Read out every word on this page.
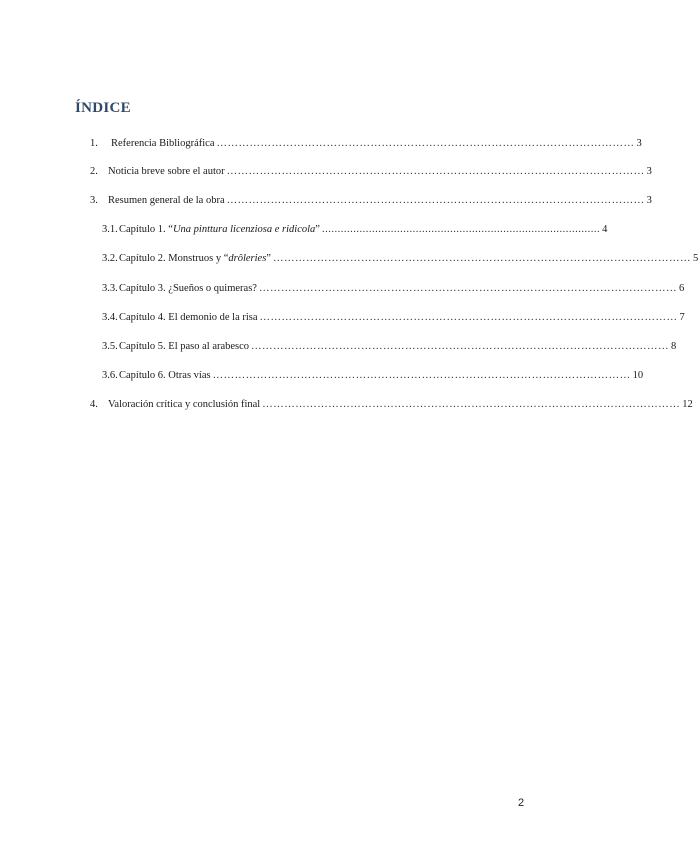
ÍNDICE
1.	Referencia Bibliográfica …………………………………………………………………………………………………… 3
2. Noticia breve sobre el autor …………………………………………………………………………………………………… 3
3. Resumen general de la obra …………………………………………………………………………………………………… 3
3.1. Capítulo 1. “Una pinttura licenziosa e ridicola” ......................................................................................... 4
3.2. Capítulo 2. Monstruos y “drôleries” …………………………………………………………………………………………………… 5
3.3. Capítulo 3. ¿Sueños o quimeras? …………………………………………………………………………………………………… 6
3.4. Capítulo 4. El demonio de la risa …………………………………………………………………………………………………… 7
3.5. Capítulo 5. El paso al arabesco …………………………………………………………………………………………………… 8
3.6. Capítulo 6. Otras vías …………………………………………………………………………………………………… 10
4. Valoración crítica y conclusión final …………………………………………………………………………………………………… 12
2
